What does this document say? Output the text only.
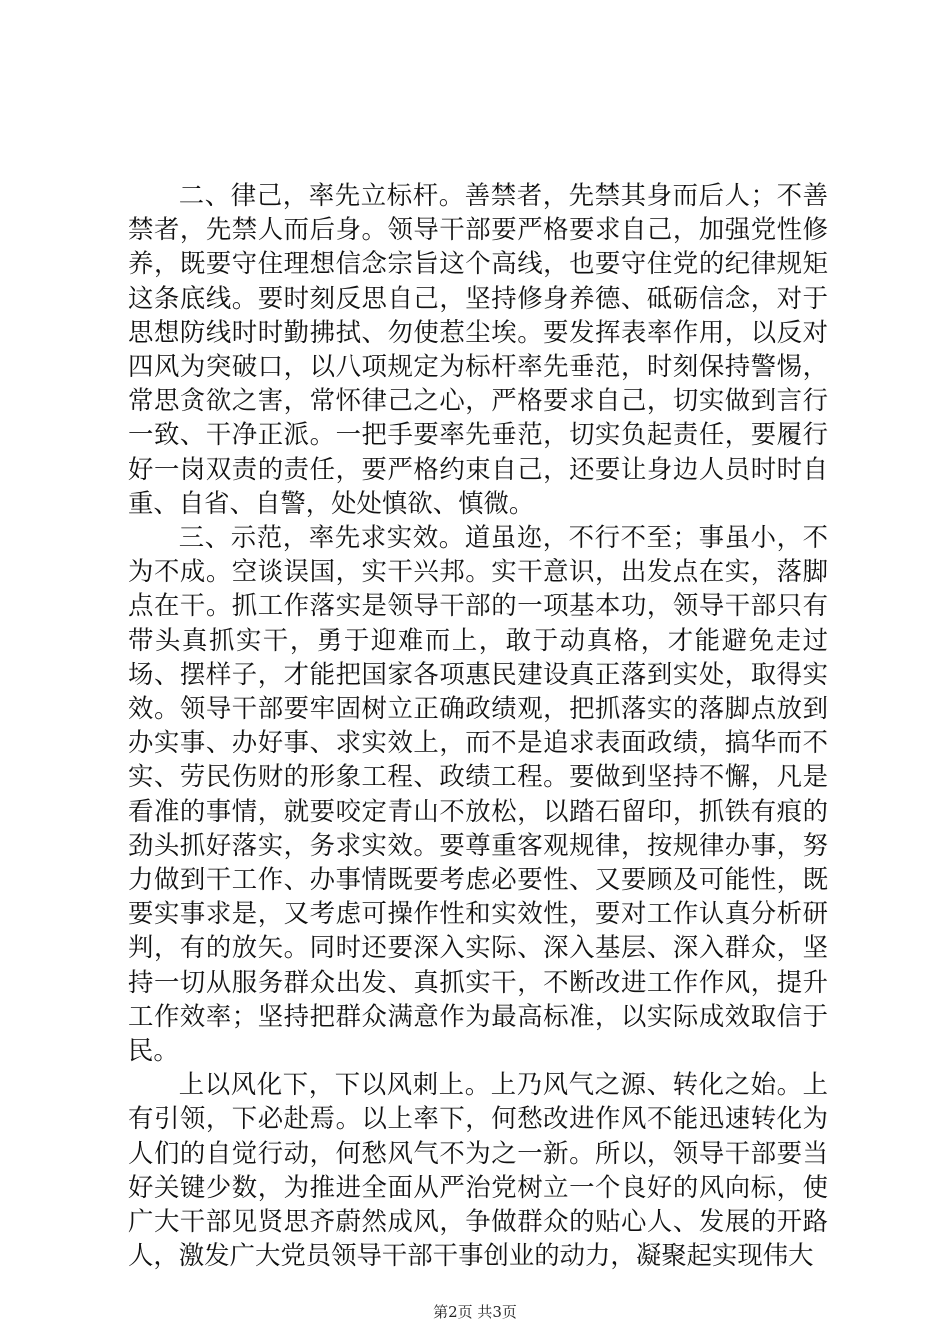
二、律己，率先立标杆。善禁者，先禁其身而后人；不善禁者，先禁人而后身。领导干部要严格要求自己，加强党性修养，既要守住理想信念宗旨这个高线，也要守住党的纪律规矩这条底线。要时刻反思自己，坚持修身养德、砥砺信念，对于思想防线时时勤拂拭、勿使惹尘埃。要发挥表率作用，以反对四风为突破口，以八项规定为标杆率先垂范，时刻保持警惕，常思贪欲之害，常怀律己之心，严格要求自己，切实做到言行一致、干净正派。一把手要率先垂范，切实负起责任，要履行好一岗双责的责任，要严格约束自己，还要让身边人员时时自重、自省、自警，处处慎欲、慎微。

三、示范，率先求实效。道虽迩，不行不至；事虽小，不为不成。空谈误国，实干兴邦。实干意识，出发点在实，落脚点在干。抓工作落实是领导干部的一项基本功，领导干部只有带头真抓实干，勇于迎难而上，敢于动真格，才能避免走过场、摆样子，才能把国家各项惠民建设真正落到实处，取得实效。领导干部要牢固树立正确政绩观，把抓落实的落脚点放到办实事、办好事、求实效上，而不是追求表面政绩，搞华而不实、劳民伤财的形象工程、政绩工程。要做到坚持不懈，凡是看准的事情，就要咬定青山不放松，以踏石留印，抓铁有痕的劲头抓好落实，务求实效。要尊重客观规律，按规律办事，努力做到干工作、办事情既要考虑必要性、又要顾及可能性，既要实事求是，又考虑可操作性和实效性，要对工作认真分析研判，有的放矢。同时还要深入实际、深入基层、深入群众，坚持一切从服务群众出发、真抓实干，不断改进工作作风，提升工作效率；坚持把群众满意作为最高标准，以实际成效取信于民。

上以风化下，下以风刺上。上乃风气之源、转化之始。上有引领，下必赴焉。以上率下，何愁改进作风不能迅速转化为人们的自觉行动，何愁风气不为之一新。所以，领导干部要当好关键少数，为推进全面从严治党树立一个良好的风向标，使广大干部见贤思齐蔚然成风，争做群众的贴心人、发展的开路人，激发广大党员领导干部干事创业的动力，凝聚起实现伟大

第2页 共3页
